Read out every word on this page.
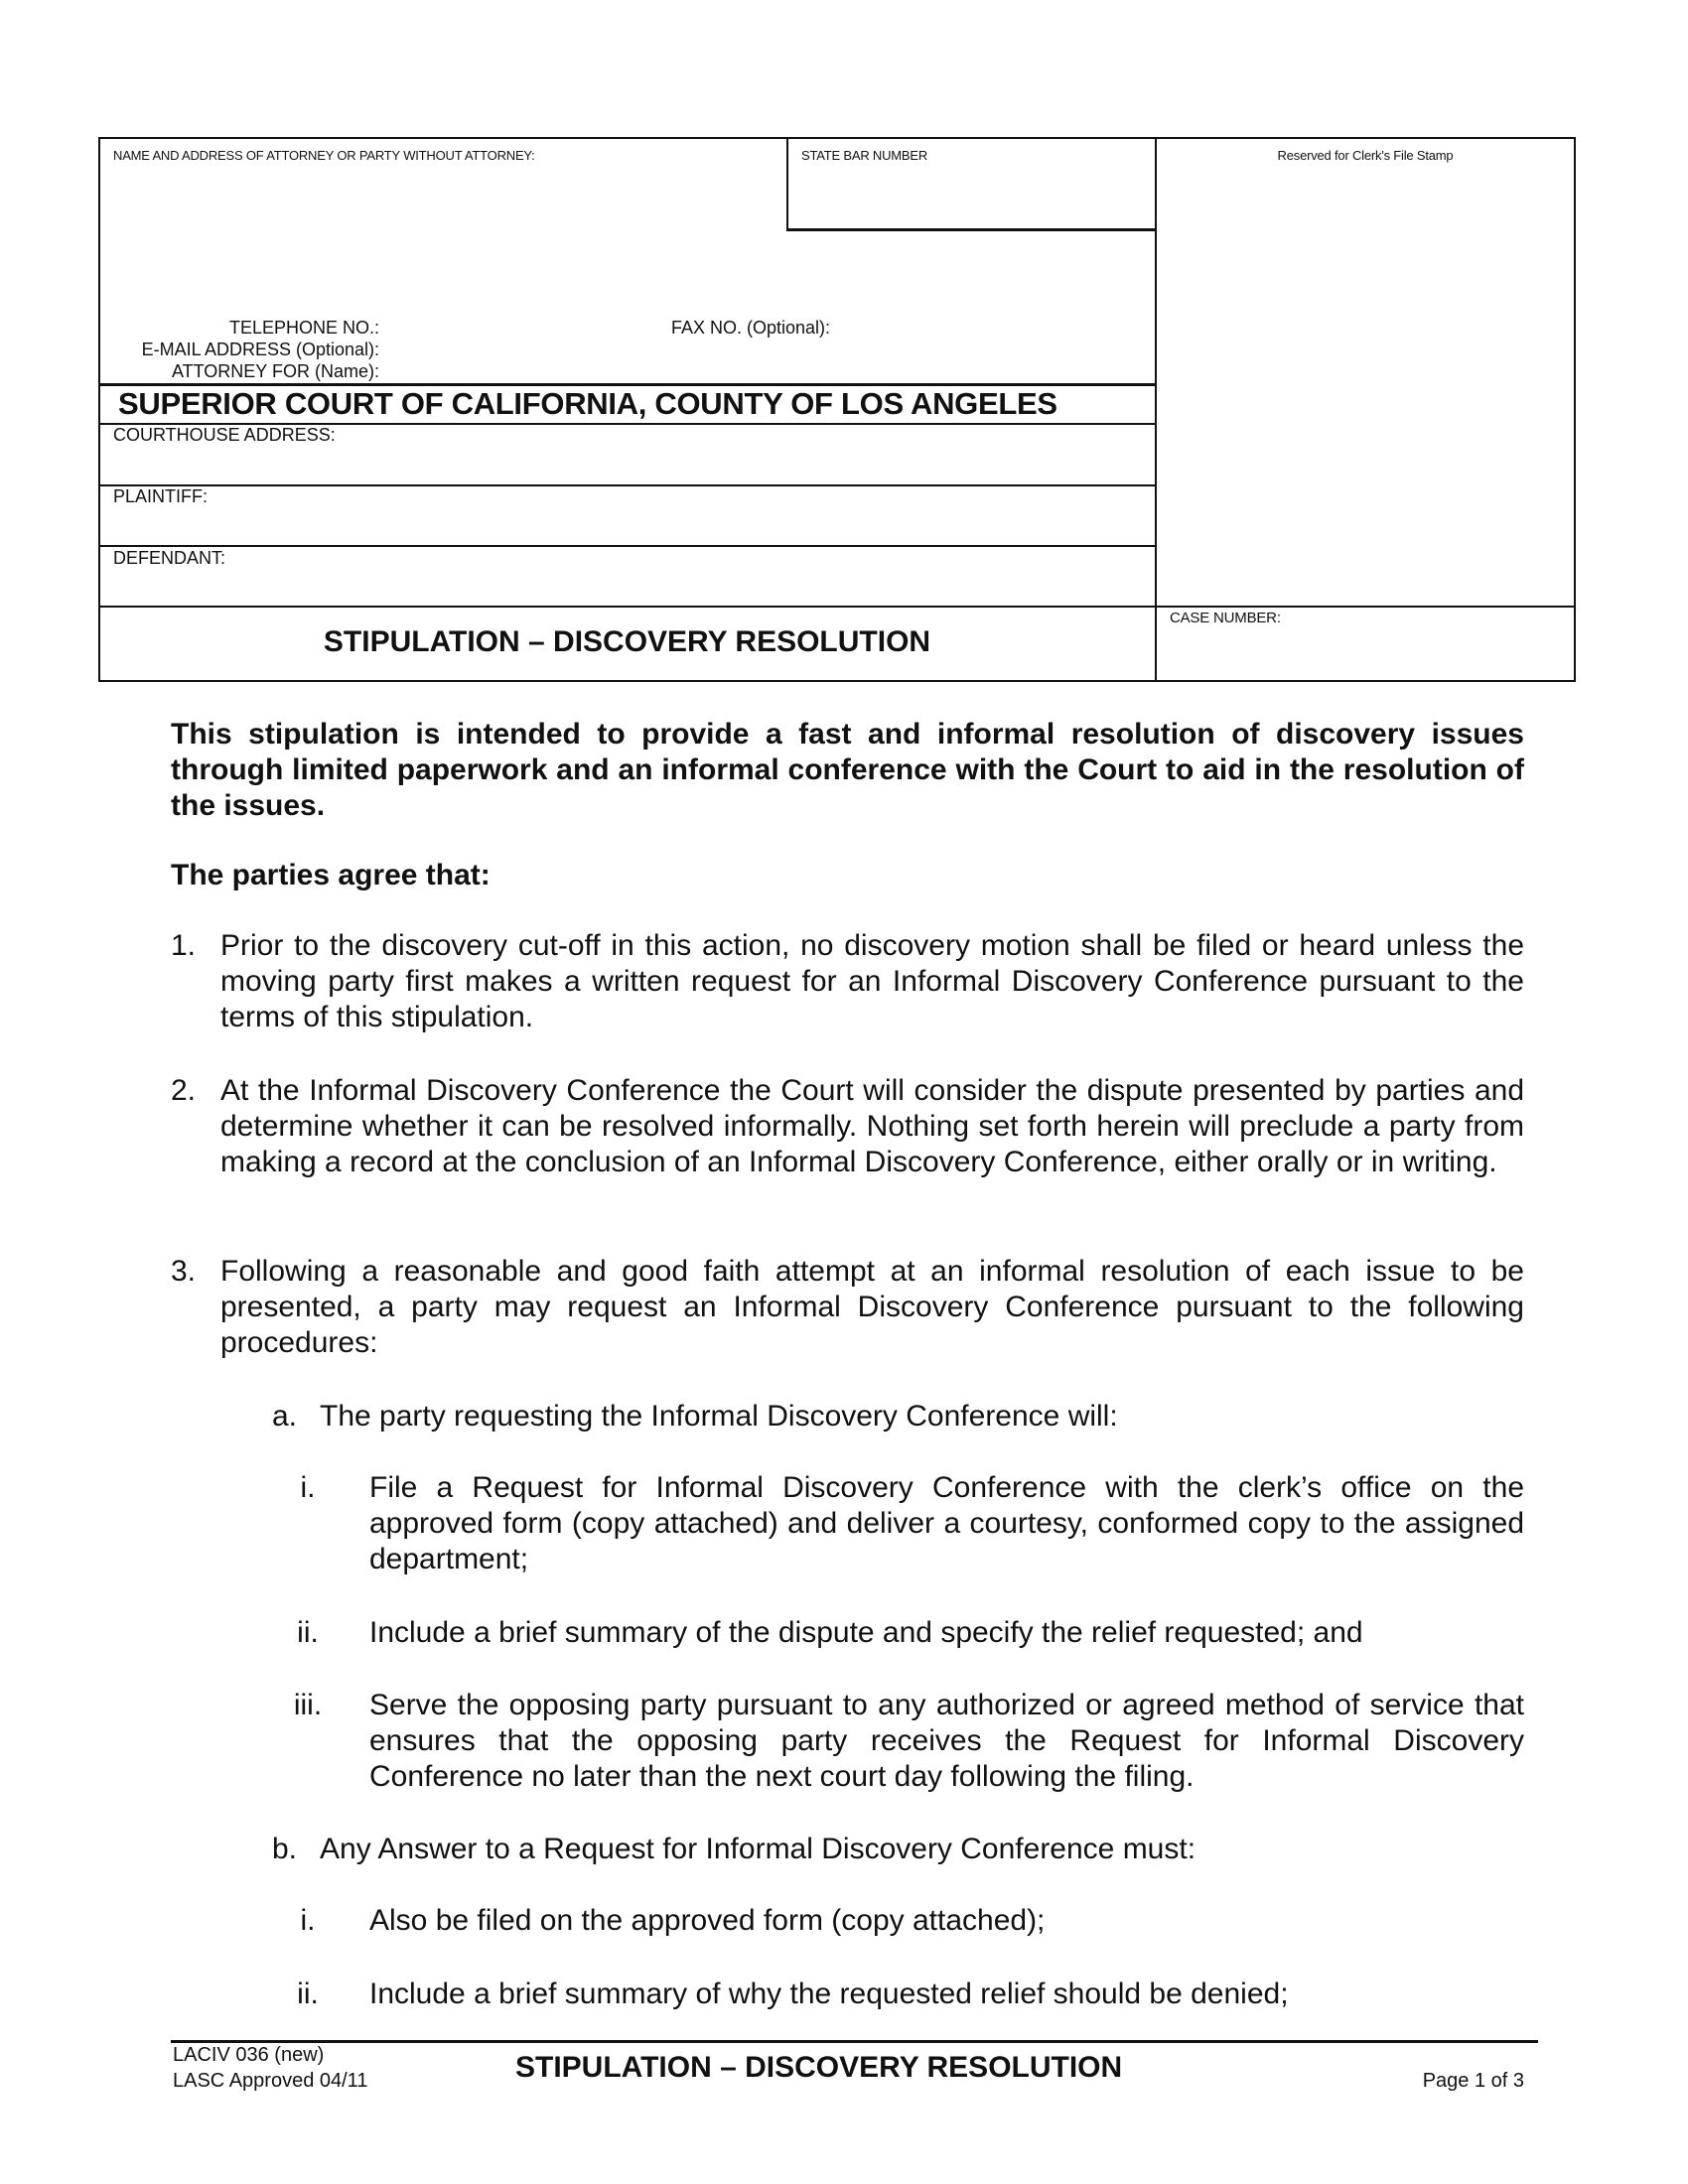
NAME AND ADDRESS OF ATTORNEY OR PARTY WITHOUT ATTORNEY:	STATE BAR NUMBER	Reserved for Clerk's File Stamp
TELEPHONE NO.:	FAX NO. (Optional):
E-MAIL ADDRESS (Optional):
ATTORNEY FOR (Name):
SUPERIOR COURT OF CALIFORNIA, COUNTY OF LOS ANGELES
COURTHOUSE ADDRESS:
PLAINTIFF:
DEFENDANT:
STIPULATION – DISCOVERY RESOLUTION
CASE NUMBER:
This stipulation is intended to provide a fast and informal resolution of discovery issues through limited paperwork and an informal conference with the Court to aid in the resolution of the issues.
The parties agree that:
1. Prior to the discovery cut-off in this action, no discovery motion shall be filed or heard unless the moving party first makes a written request for an Informal Discovery Conference pursuant to the terms of this stipulation.
2. At the Informal Discovery Conference the Court will consider the dispute presented by parties and determine whether it can be resolved informally. Nothing set forth herein will preclude a party from making a record at the conclusion of an Informal Discovery Conference, either orally or in writing.
3. Following a reasonable and good faith attempt at an informal resolution of each issue to be presented, a party may request an Informal Discovery Conference pursuant to the following procedures:
a. The party requesting the Informal Discovery Conference will:
i.	File a Request for Informal Discovery Conference with the clerk’s office on the approved form (copy attached) and deliver a courtesy, conformed copy to the assigned department;
ii.	Include a brief summary of the dispute and specify the relief requested; and
iii. Serve the opposing party pursuant to any authorized or agreed method of service that ensures that the opposing party receives the Request for Informal Discovery Conference no later than the next court day following the filing.
b. Any Answer to a Request for Informal Discovery Conference must:
i.	Also be filed on the approved form (copy attached);
ii.	Include a brief summary of why the requested relief should be denied;
LACIV 036 (new)
LASC Approved 04/11	STIPULATION – DISCOVERY RESOLUTION	Page 1 of 3
